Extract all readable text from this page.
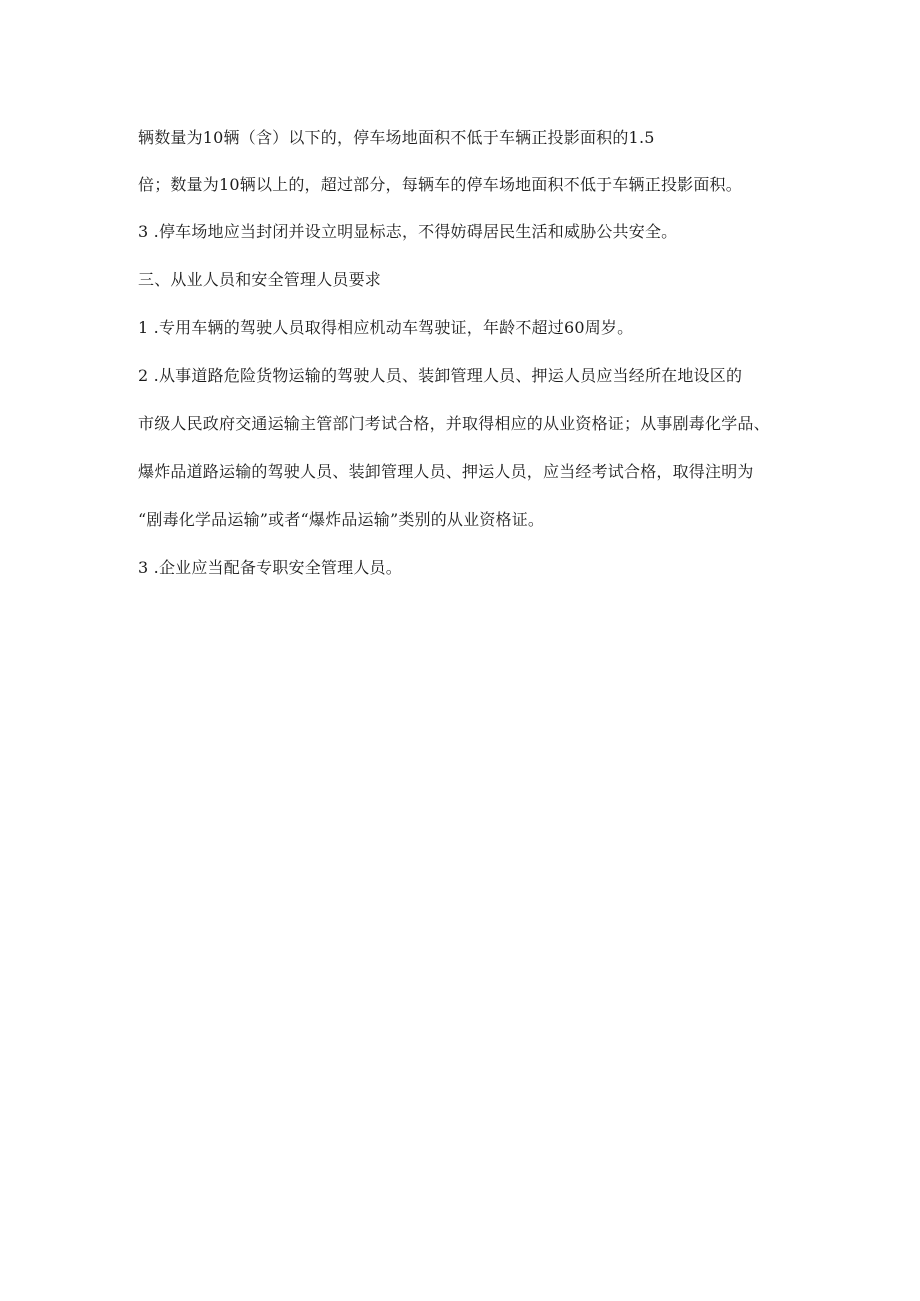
辆数量为10辆（含）以下的，停车场地面积不低于车辆正投影面积的1.5
倍；数量为10辆以上的，超过部分，每辆车的停车场地面积不低于车辆正投影面积。
3 .停车场地应当封闭并设立明显标志，不得妨碍居民生活和威胁公共安全。
三、从业人员和安全管理人员要求
1 .专用车辆的驾驶人员取得相应机动车驾驶证，年龄不超过60周岁。
2 .从事道路危险货物运输的驾驶人员、装卸管理人员、押运人员应当经所在地设区的
市级人民政府交通运输主管部门考试合格，并取得相应的从业资格证；从事剧毒化学品、
爆炸品道路运输的驾驶人员、装卸管理人员、押运人员，应当经考试合格，取得注明为
“剧毒化学品运输”或者“爆炸品运输”类别的从业资格证。
3 .企业应当配备专职安全管理人员。
